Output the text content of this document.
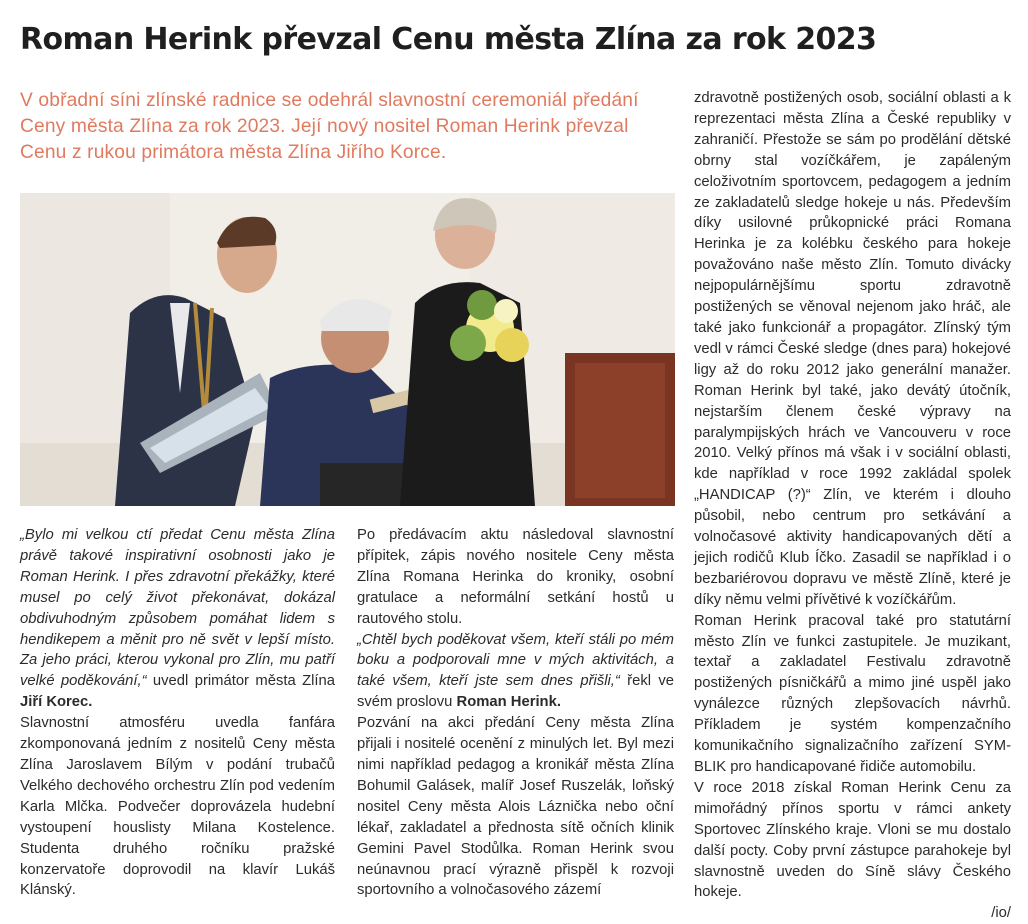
Roman Herink převzal Cenu města Zlína za rok 2023

V obřadní síni zlínské radnice se odehrál slavnostní ceremoniál předání Ceny města Zlína za rok 2023. Její nový nositel Roman Herink převzal Cenu z rukou primátora města Zlína Jiřího Korce.

„Bylo mi velkou ctí předat Cenu města Zlína právě takové inspirativní osobnosti jako je Roman Herink. I přes zdravotní překážky, které musel po celý život překonávat, dokázal obdivuhodným způsobem pomáhat lidem s hendikepem a měnit pro ně svět v lepší místo. Za jeho práci, kterou vykonal pro Zlín, mu patří velké poděkování,“ uvedl primátor města Zlína Jiří Korec.

Slavnostní atmosféru uvedla fanfára zkomponovaná jedním z nositelů Ceny města Zlína Jaroslavem Bílým v podání trubačů Velkého dechového orchestru Zlín pod vedením Karla Mlčka. Podvečer doprovázela hudební vystoupení houslisty Milana Kostelence. Studenta druhého ročníku pražské konzervatoře doprovodil na klavír Lukáš Klánský.

Po předávacím aktu následoval slavnostní přípitek, zápis nového nositele Ceny města Zlína Romana Herinka do kroniky, osobní gratulace a neformální setkání hostů u rautového stolu.

„Chtěl bych poděkovat všem, kteří stáli po mém boku a podporovali mne v mých aktivitách, a také všem, kteří jste sem dnes přišli,“ řekl ve svém proslovu Roman Herink.

Pozvání na akci předání Ceny města Zlína přijali i nositelé ocenění z minulých let. Byl mezi nimi například pedagog a kronikář města Zlína Bohumil Galásek, malíř Josef Ruszelák, loňský nositel Ceny města Alois Láznička nebo oční lékař, zakladatel a přednosta sítě očních klinik Gemini Pavel Stodůlka. Roman Herink svou neúnavnou prací výrazně přispěl k rozvoji sportovního a volnočasového zázemí

zdravotně postižených osob, sociální oblasti a k reprezentaci města Zlína a České republiky v zahraničí. Přestože se sám po prodělání dětské obrny stal vozíčkářem, je zapáleným celoživotním sportovcem, pedagogem a jedním ze zakladatelů sledge hokeje u nás. Především díky usilovné průkopnické práci Romana Herinka je za kolébku českého para hokeje považováno naše město Zlín. Tomuto divácky nejpopulárnějšímu sportu zdravotně postižených se věnoval nejenom jako hráč, ale také jako funkcionář a propagátor. Zlínský tým vedl v rámci České sledge (dnes para) hokejové ligy až do roku 2012 jako generální manažer. Roman Herink byl také, jako devátý útočník, nejstarším členem české výpravy na paralympijských hrách ve Vancouveru v roce 2010. Velký přínos má však i v sociální oblasti, kde například v roce 1992 zakládal spolek „HANDICAP (?)“ Zlín, ve kterém i dlouho působil, nebo centrum pro setkávání a volnočasové aktivity handicapovaných dětí a jejich rodičů Klub Íčko. Zasadil se například i o bezbariérovou dopravu ve městě Zlíně, které je díky němu velmi přívětivé k vozíčkářům.

Roman Herink pracoval také pro statutární město Zlín ve funkci zastupitele. Je muzikant, textař a zakladatel Festivalu zdravotně postižených písničkářů a mimo jiné uspěl jako vynálezce různých zlepšovacích návrhů. Příkladem je systém kompenzačního komunikačního signalizačního zařízení SYM-BLIK pro handicapované řidiče automobilu.

V roce 2018 získal Roman Herink Cenu za mimořádný přínos sportu v rámci ankety Sportovec Zlínského kraje. Vloni se mu dostalo další pocty. Coby první zástupce parahokeje byl slavnostně uveden do Síně slávy Českého hokeje.

/io/
